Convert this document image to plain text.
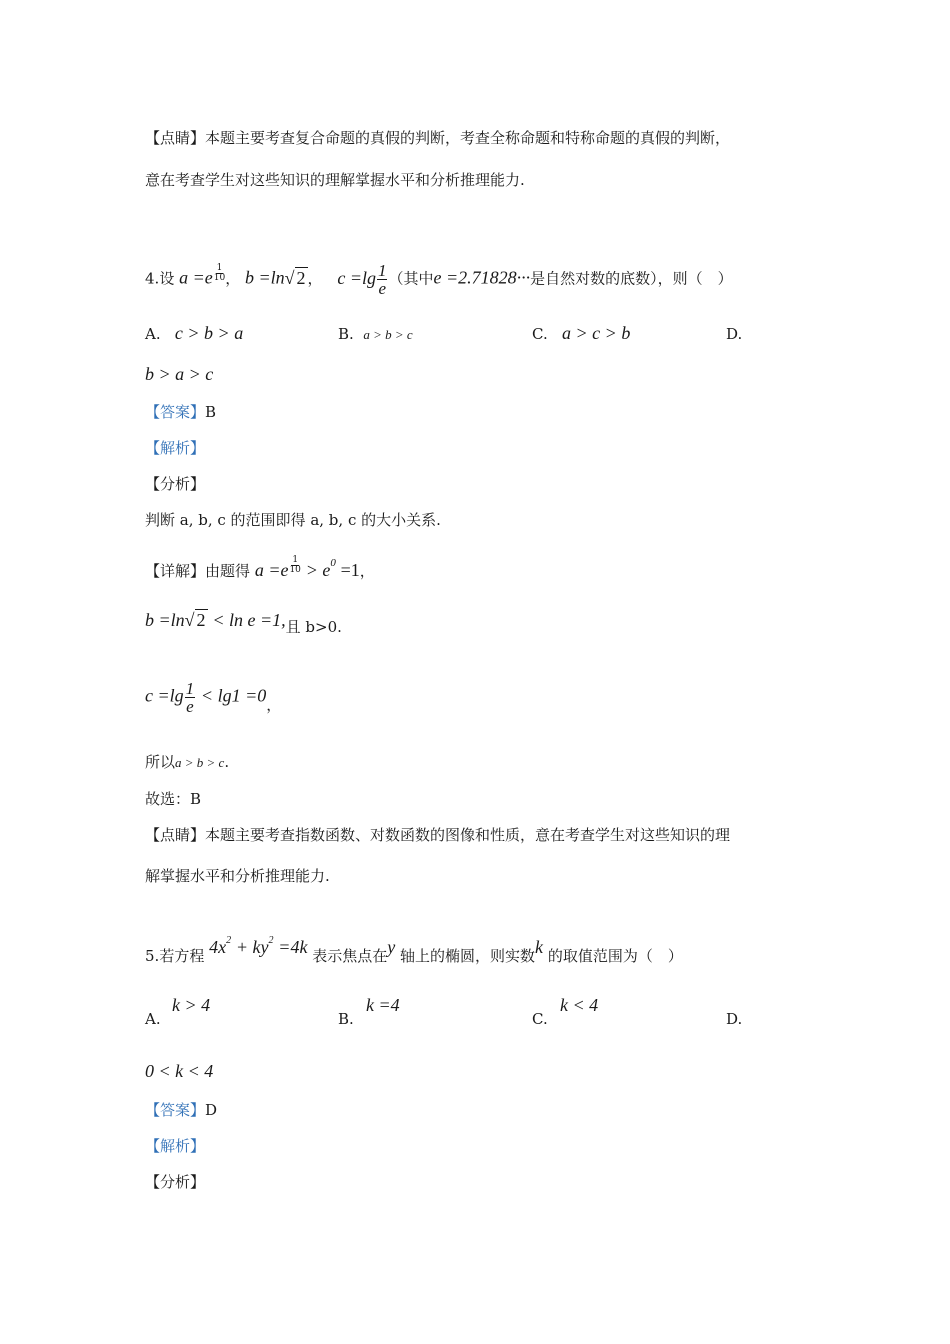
【点睛】本题主要考查复合命题的真假的判断，考查全称命题和特称命题的真假的判断，
意在考查学生对这些知识的理解掌握水平和分析推理能力.
4.设 $a =e \frac{1}{10}$ ， b =ln√ 2 ， $c =\lg \frac{1}{e}$ （其中e =2.71828···是自然对数的底数），则（　）
A. c > b > a	B. a > b > c	C. a > c > b	D.
b > a > c
【答案】B
【解析】
【分析】
判断 a, b, c 的范围即得 a, b, c 的大小关系.
【详解】由题得 $a =e \frac{1}{10} > e^0 =1$，
b =ln√ 2 < ln e =1,且 b>0.
$c =\lg \frac{1}{e} < \lg 1 =0$，
所以a > b > c.
故选：B
【点睛】本题主要考查指数函数、对数函数的图像和性质，意在考查学生对这些知识的理
解掌握水平和分析推理能力.
5.若方程 $4x^2 + ky^2 =4k$ 表示焦点在y 轴上的椭圆，则实数k 的取值范围为（　）
A.
k > 4
B.
k =4
C.
k < 4
D.
0 < k < 4
【答案】D
【解析】
【分析】
